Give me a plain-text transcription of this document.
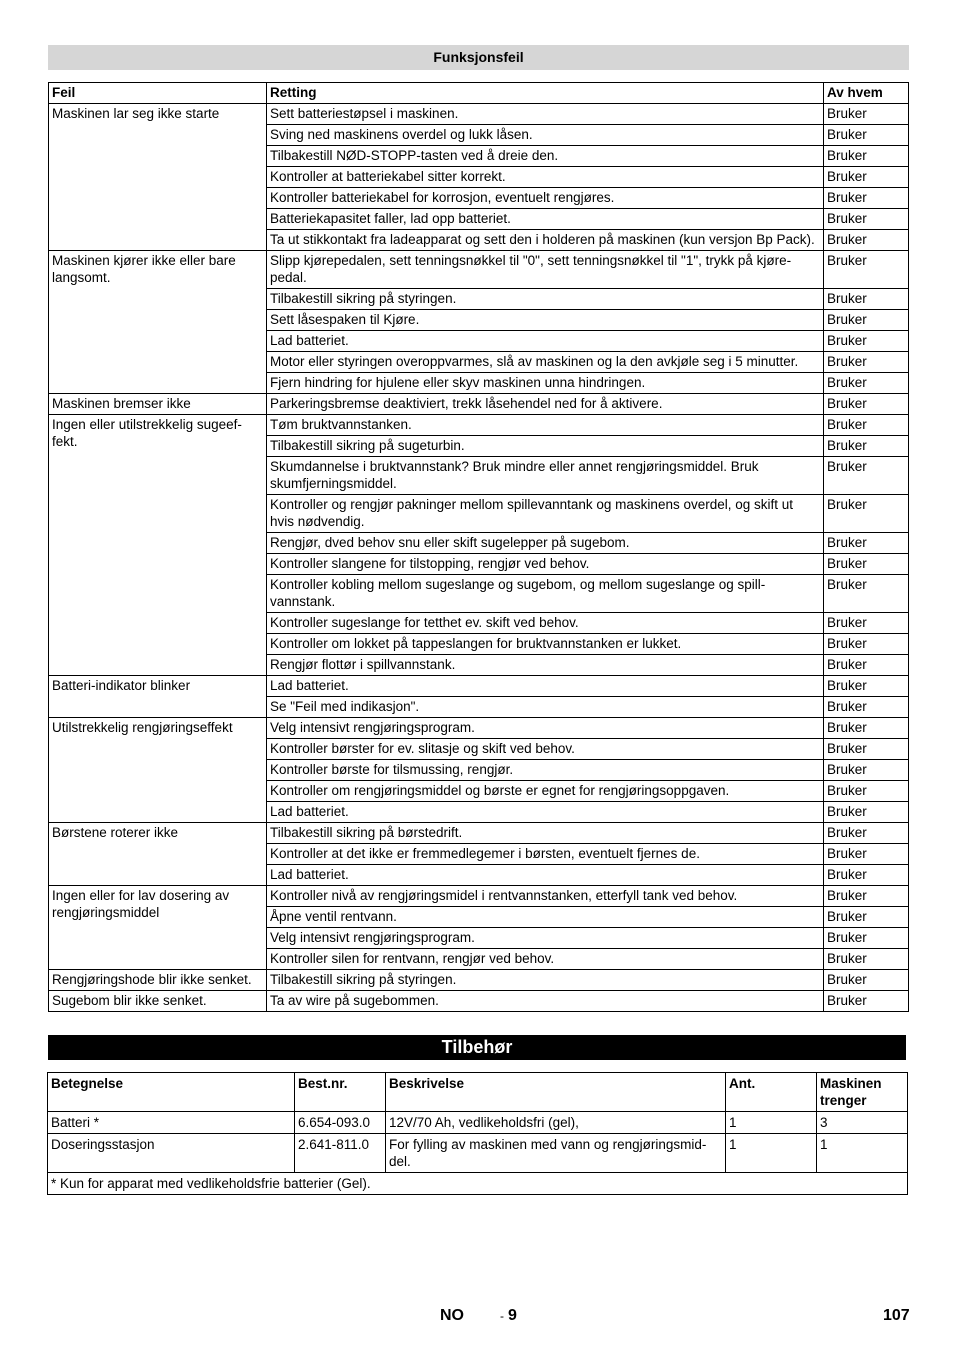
Funksjonsfeil
Feil	Retting	Av hvem
Maskinen lar seg ikke starte	Sett batteriestøpsel i maskinen.	Bruker
	Sving ned maskinens overdel og lukk låsen.	Bruker
	Tilbakestill NØD-STOPP-tasten ved å dreie den.	Bruker
	Kontroller at batteriekabel sitter korrekt.	Bruker
	Kontroller batteriekabel for korrosjon, eventuelt rengjøres.	Bruker
	Batteriekapasitet faller, lad opp batteriet.	Bruker
	Ta ut stikkontakt fra ladeapparat og sett den i holderen på maskinen (kun versjon Bp Pack).	Bruker
Maskinen kjører ikke eller bare langsomt.	Slipp kjørepedalen, sett tenningsnøkkel til "0", sett tenningsnøkkel til "1", trykk på kjøre-pedal.	Bruker
	Tilbakestill sikring på styringen.	Bruker
	Sett låsespaken til Kjøre.	Bruker
	Lad batteriet.	Bruker
	Motor eller styringen overoppvarmes, slå av maskinen og la den avkjøle seg i 5 minutter.	Bruker
	Fjern hindring for hjulene eller skyv maskinen unna hindringen.	Bruker
Maskinen bremser ikke	Parkeringsbremse deaktiviert, trekk låsehendel ned for å aktivere.	Bruker
Ingen eller utilstrekkelig sugeef-fekt.	Tøm bruktvannstanken.	Bruker
	Tilbakestill sikring på sugeturbin.	Bruker
	Skumdannelse i bruktvannstank? Bruk mindre eller annet rengjøringsmiddel. Bruk skumfjerningsmiddel.	Bruker
	Kontroller og rengjør pakninger mellom spillevanntank og maskinens overdel, og skift ut hvis nødvendig.	Bruker
	Rengjør, dved behov snu eller skift sugelepper på sugebom.	Bruker
	Kontroller slangene for tilstopping, rengjør ved behov.	Bruker
	Kontroller kobling mellom sugeslange og sugebom, og mellom sugeslange og spill-vannstank.	Bruker
	Kontroller sugeslange for tetthet ev. skift ved behov.	Bruker
	Kontroller om lokket på tappeslangen for bruktvannstanken er lukket.	Bruker
	Rengjør flottør i spillvannstank.	Bruker
Batteri-indikator blinker	Lad batteriet.	Bruker
	Se "Feil med indikasjon".	Bruker
Utilstrekkelig rengjøringseffekt	Velg intensivt rengjøringsprogram.	Bruker
	Kontroller børster for ev. slitasje og skift ved behov.	Bruker
	Kontroller børste for tilsmussing, rengjør.	Bruker
	Kontroller om rengjøringsmiddel og børste er egnet for rengjøringsoppgaven.	Bruker
	Lad batteriet.	Bruker
Børstene roterer ikke	Tilbakestill sikring på børstedrift.	Bruker
	Kontroller at det ikke er fremmedlegemer i børsten, eventuelt fjernes de.	Bruker
	Lad batteriet.	Bruker
Ingen eller for lav dosering av rengjøringsmiddel	Kontroller nivå av rengjøringsmidel i rentvannstanken, etterfyll tank ved behov.	Bruker
	Åpne ventil rentvann.	Bruker
	Velg intensivt rengjøringsprogram.	Bruker
	Kontroller silen for rentvann, rengjør ved behov.	Bruker
Rengjøringshode blir ikke senket.	Tilbakestill sikring på styringen.	Bruker
Sugebom blir ikke senket.	Ta av wire på sugebommen.	Bruker
Tilbehør
Betegnelse	Best.nr.	Beskrivelse	Ant.	Maskinen trenger
Batteri *	6.654-093.0	12V/70 Ah, vedlikeholdsfri (gel),	1	3
Doseringsstasjon	2.641-811.0	For fylling av maskinen med vann og rengjøringsmid-del.	1	1
* Kun for apparat med vedlikeholdsfrie batterier (Gel).				
NO	- 9	107
